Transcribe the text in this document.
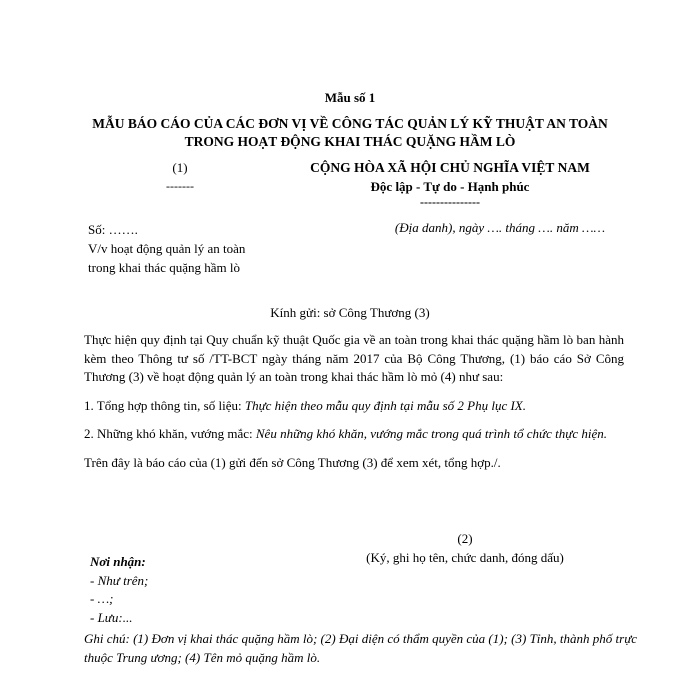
Mẫu số 1
MẪU BÁO CÁO CỦA CÁC ĐƠN VỊ VỀ CÔNG TÁC QUẢN LÝ KỸ THUẬT AN TOÀN
TRONG HOẠT ĐỘNG KHAI THÁC QUẶNG HẦM LÒ
(1)
-------
CỘNG HÒA XÃ HỘI CHỦ NGHĨA VIỆT NAM
Độc lập - Tự do - Hạnh phúc
---------------
Số: …….
V/v hoạt động quản lý an toàn
trong khai thác quặng hầm lò
(Địa danh), ngày …. tháng …. năm ……
Kính gửi: sở Công Thương (3)

Thực hiện quy định tại Quy chuẩn kỹ thuật Quốc gia về an toàn trong khai thác quặng hầm lò ban hành kèm theo Thông tư số /TT-BCT ngày tháng năm 2017 của Bộ Công Thương, (1) báo cáo Sở Công Thương (3) về hoạt động quản lý an toàn trong khai thác hầm lò mỏ (4) như sau:

1. Tổng hợp thông tin, số liệu: Thực hiện theo mẫu quy định tại mẫu số 2 Phụ lục IX.

2. Những khó khăn, vướng mắc: Nêu những khó khăn, vướng mắc trong quá trình tổ chức thực hiện.

Trên đây là báo cáo của (1) gửi đến sở Công Thương (3) để xem xét, tổng hợp./.

(2)
(Ký, ghi họ tên, chức danh, đóng dấu)
Nơi nhận:
- Như trên;
- …;
- Lưu:...
Ghi chú: (1) Đơn vị khai thác quặng hầm lò; (2) Đại diện có thẩm quyền của (1); (3) Tỉnh, thành phố trực thuộc Trung ương; (4) Tên mỏ quặng hầm lò.
